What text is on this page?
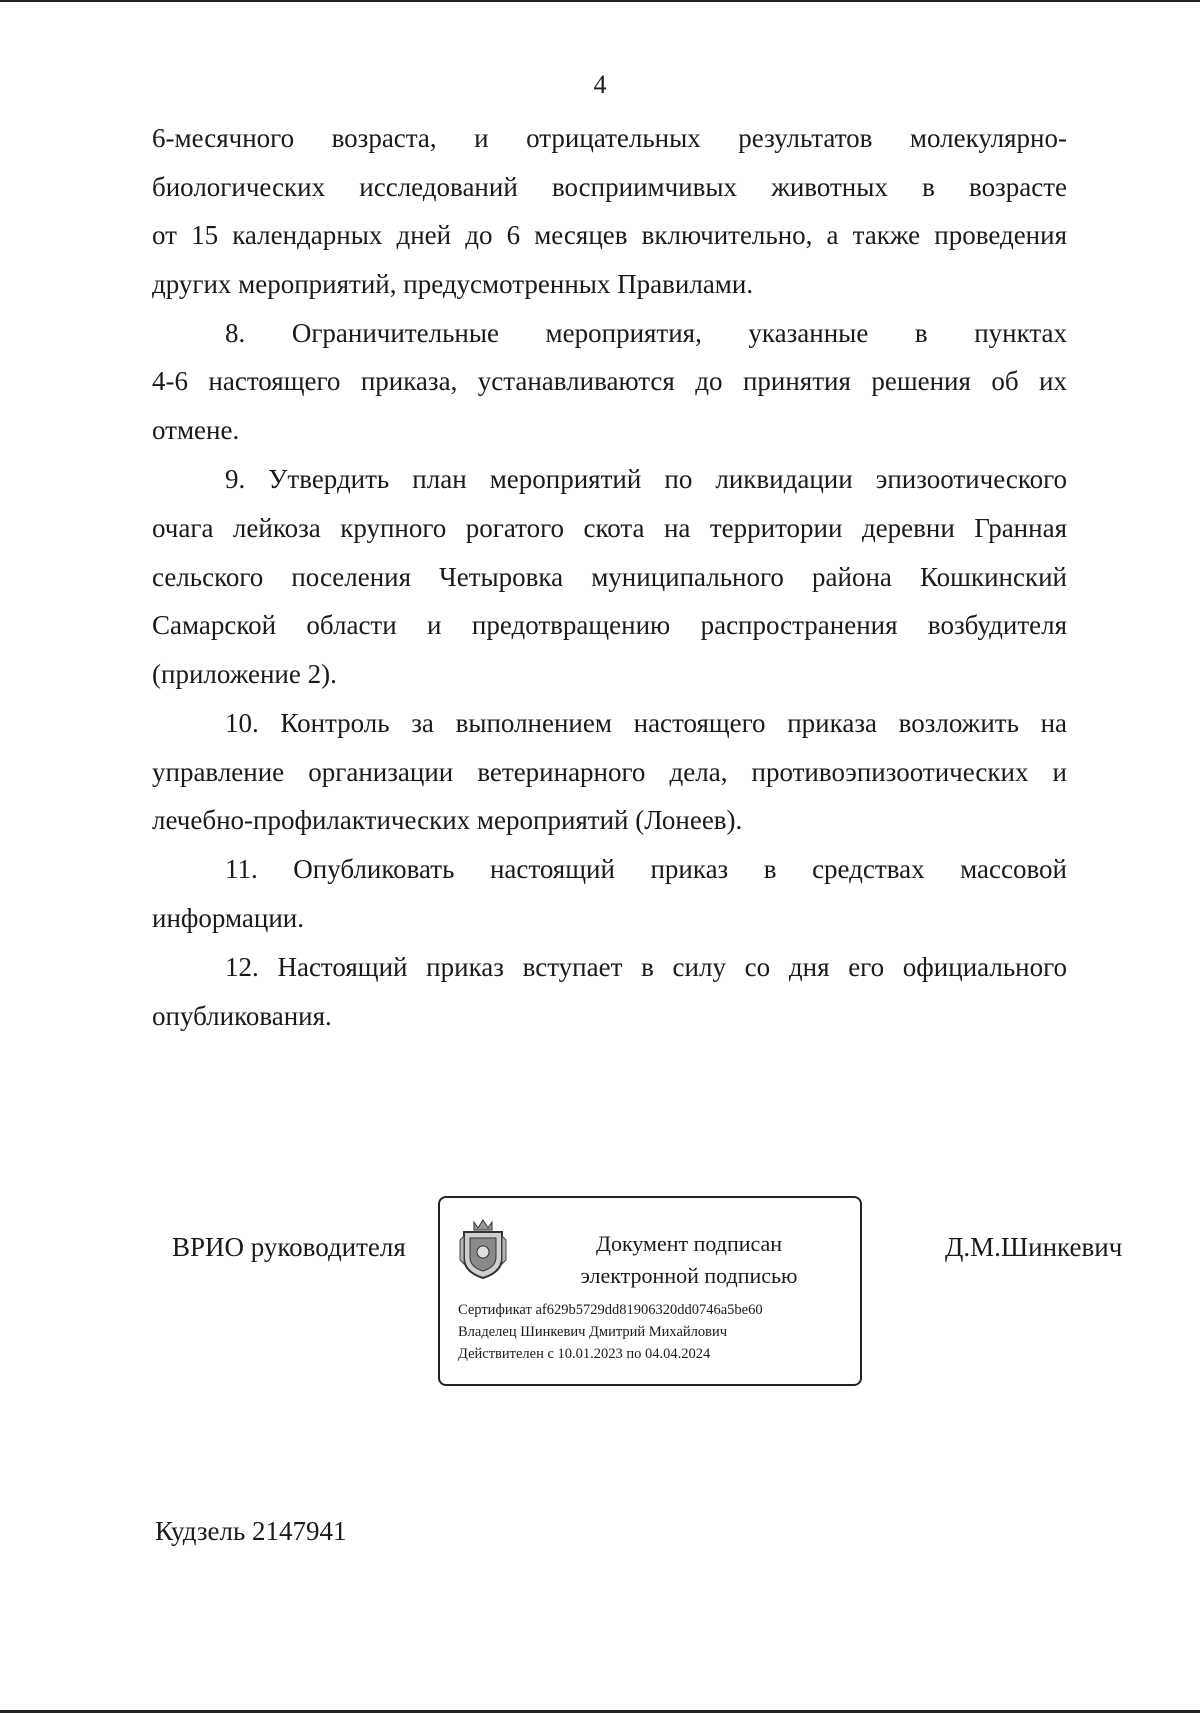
4
6-месячного возраста, и отрицательных результатов молекулярно-
биологических исследований восприимчивых животных в возрасте
от 15 календарных дней до 6 месяцев включительно, а также проведения
других мероприятий, предусмотренных Правилами.
8. Ограничительные мероприятия, указанные в пунктах
4-6 настоящего приказа, устанавливаются до принятия решения об их
отмене.
9. Утвердить план мероприятий по ликвидации эпизоотического
очага лейкоза крупного рогатого скота на территории деревни Гранная
сельского поселения Четыровка муниципального района Кошкинский
Самарской области и предотвращению распространения возбудителя
(приложение 2).
10. Контроль за выполнением настоящего приказа возложить на
управление организации ветеринарного дела, противоэпизоотических и
лечебно-профилактических мероприятий (Лонеев).
11. Опубликовать настоящий приказ в средствах массовой
информации.
12. Настоящий приказ вступает в силу со дня его официального
опубликования.
ВРИО руководителя	Документ подписан
электронной подписью
Сертификат af629b5729dd81906320dd0746a5be60
Владелец Шинкевич Дмитрий Михайлович
Действителен с 10.01.2023 по 04.04.2024
Д.М.Шинкевич
Кудзель 2147941
